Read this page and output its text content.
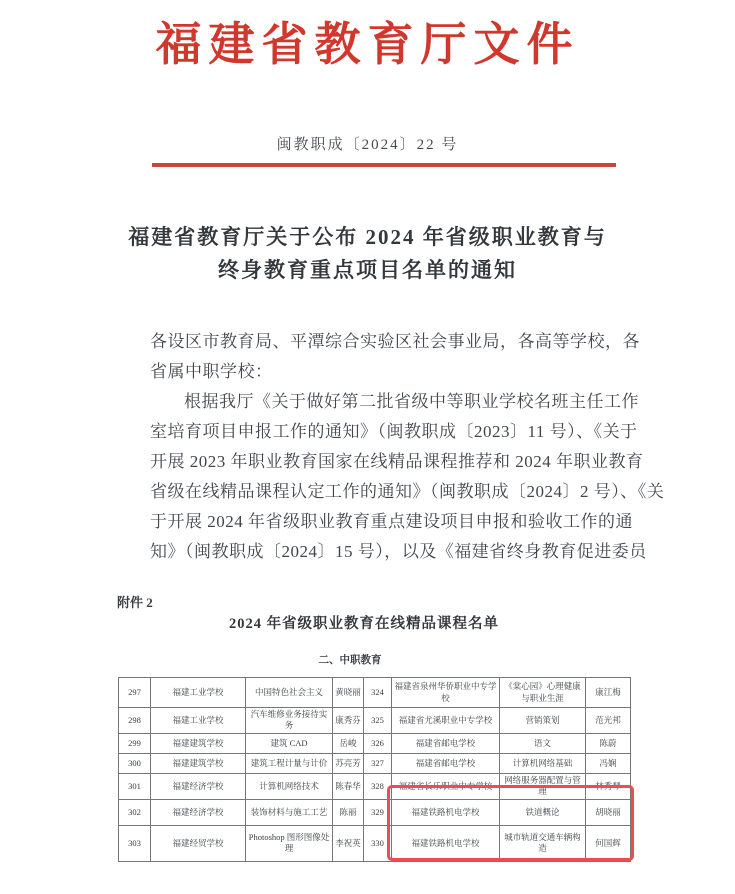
福建省教育厅文件
闽教职成〔2024〕22 号
福建省教育厅关于公布 2024 年省级职业教育与
终身教育重点项目名单的通知
各设区市教育局、平潭综合实验区社会事业局，各高等学校，各
省属中职学校：
根据我厅《关于做好第二批省级中等职业学校名班主任工作
室培育项目申报工作的通知》（闽教职成〔2023〕11 号）、《关于
开展 2023 年职业教育国家在线精品课程推荐和 2024 年职业教育
省级在线精品课程认定工作的通知》（闽教职成〔2024〕2 号）、《关
于开展 2024 年省级职业教育重点建设项目申报和验收工作的通
知》（闽教职成〔2024〕15 号），以及《福建省终身教育促进委员
附件 2
2024 年省级职业教育在线精品课程名单
二、中职教育
297	福建工业学校	中国特色社会主义	黄晓丽	324	福建省泉州华侨职业中专学校	《棠心园》心理健康与职业生涯	康江梅
298	福建工业学校	汽车维修业务接待实务	康秀芬	325	福建省尤溪职业中专学校	营销策划	范光邦
299	福建建筑学校	建筑 CAD	岳峻	326	福建省邮电学校	语文	陈蔚
300	福建建筑学校	建筑工程计量与计价	苏亮芳	327	福建省邮电学校	计算机网络基础	冯娴
301	福建经济学校	计算机网络技术	陈春华	328	福建省长乐职业中专学校	网络服务器配置与管理	林秀琴
302	福建经济学校	装饰材料与施工工艺	陈丽	329	福建铁路机电学校	铁道概论	胡晓丽
303	福建经贸学校	Photoshop 图形图像处理	李祝英	330	福建铁路机电学校	城市轨道交通车辆构造	何国辉
